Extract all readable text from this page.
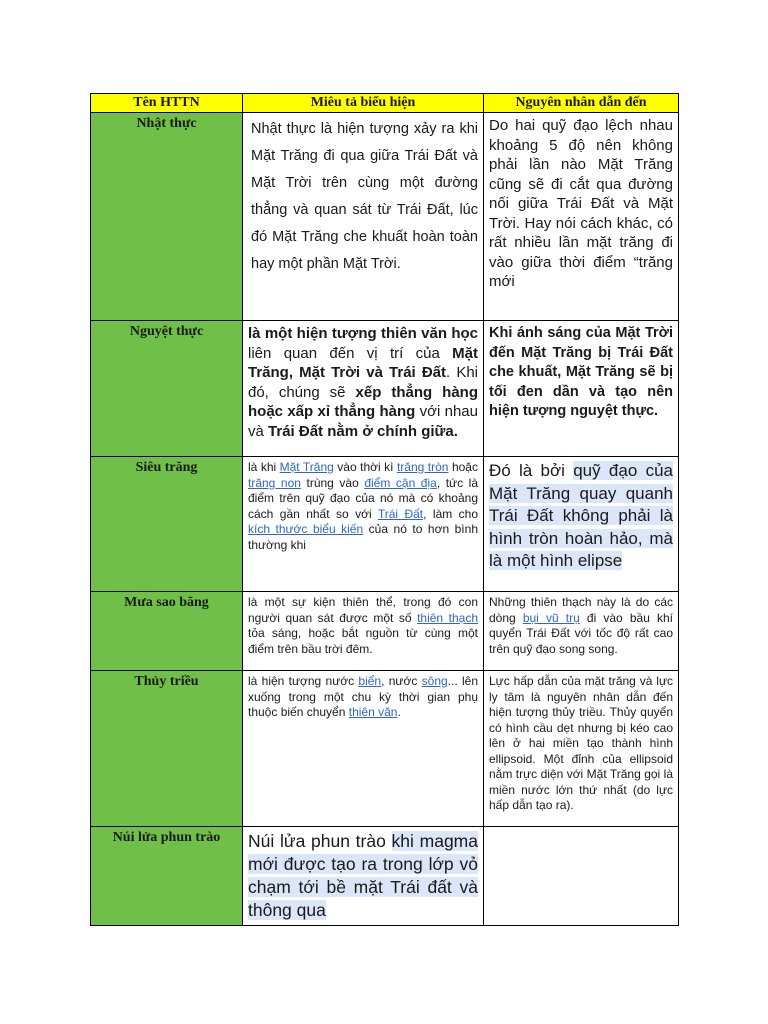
Tên HTTN	Miêu tả biểu hiện	Nguyên nhân dẫn đến
Nhật thực	Nhật thực là hiện tượng xảy ra khi Mặt Trăng đi qua giữa Trái Đất và Mặt Trời trên cùng một đường thẳng và quan sát từ Trái Đất, lúc đó Mặt Trăng che khuất hoàn toàn hay một phần Mặt Trời.	Do hai quỹ đạo lệch nhau khoảng 5 độ nên không phải lần nào Mặt Trăng cũng sẽ đi cắt qua đường nối giữa Trái Đất và Mặt Trời. Hay nói cách khác, có rất nhiều lần mặt trăng đi vào giữa thời điểm “trăng mới
Nguyệt thực	là một hiện tượng thiên văn học liên quan đến vị trí của Mặt Trăng, Mặt Trời và Trái Đất. Khi đó, chúng sẽ xếp thẳng hàng hoặc xấp xỉ thẳng hàng với nhau và Trái Đất nằm ở chính giữa.	Khi ánh sáng của Mặt Trời đến Mặt Trăng bị Trái Đất che khuất, Mặt Trăng sẽ bị tối đen dần và tạo nên hiện tượng nguyệt thực.
Siêu trăng	là khi Mặt Trăng vào thời kì trăng tròn hoặc trăng non trùng vào điểm cận địa, tức là điểm trên quỹ đạo của nó mà có khoảng cách gần nhất so với Trái Đất, làm cho kích thước biểu kiến của nó to hơn bình thường khi	Đó là bởi quỹ đạo của Mặt Trăng quay quanh Trái Đất không phải là hình tròn hoàn hảo, mà là một hình elipse
Mưa sao băng	là một sự kiện thiên thể, trong đó con người quan sát được một số thiên thạch tỏa sáng, hoặc bắt nguồn từ cùng một điểm trên bầu trời đêm.	Những thiên thạch này là do các dòng bụi vũ trụ đi vào bầu khí quyển Trái Đất với tốc độ rất cao trên quỹ đạo song song.
Thủy triều	là hiện tượng nước biển, nước sông... lên xuống trong một chu kỳ thời gian phụ thuộc biến chuyển thiên văn.	Lực hấp dẫn của mặt trăng và lực ly tâm là nguyên nhân dẫn đến hiện tượng thủy triều. Thủy quyển có hình cầu dẹt nhưng bị kéo cao lên ở hai miền tạo thành hình ellipsoid. Một đỉnh của ellipsoid nằm trực diện với Mặt Trăng gọi là miền nước lớn thứ nhất (do lực hấp dẫn tạo ra).
Núi lửa phun trào	Núi lửa phun trào khi magma mới được tạo ra trong lớp vỏ chạm tới bề mặt Trái đất và thông qua	
